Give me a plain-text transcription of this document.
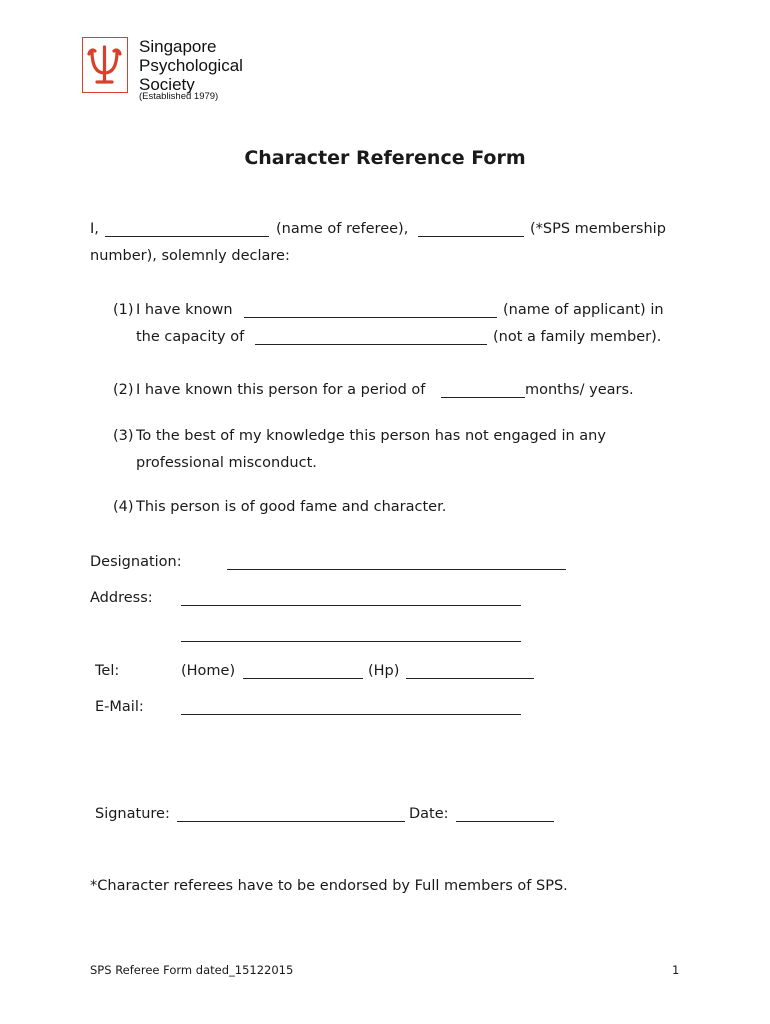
Singapore
Psychological
Society
(Established 1979)
Character Reference Form
I,	(name of referee),	(*SPS membership
number), solemnly declare:
(1) I have known	(name of applicant) in
the capacity of	(not a family member).
(2) I have known this person for a period of	months/ years.
(3) To the best of my knowledge this person has not engaged in any
professional misconduct.
(4) This person is of good fame and character.
Designation:
Address:
Tel:	(Home)	(Hp)
E-Mail:
Signature:	Date:
*Character referees have to be endorsed by Full members of SPS.
SPS Referee Form dated_15122015	1
